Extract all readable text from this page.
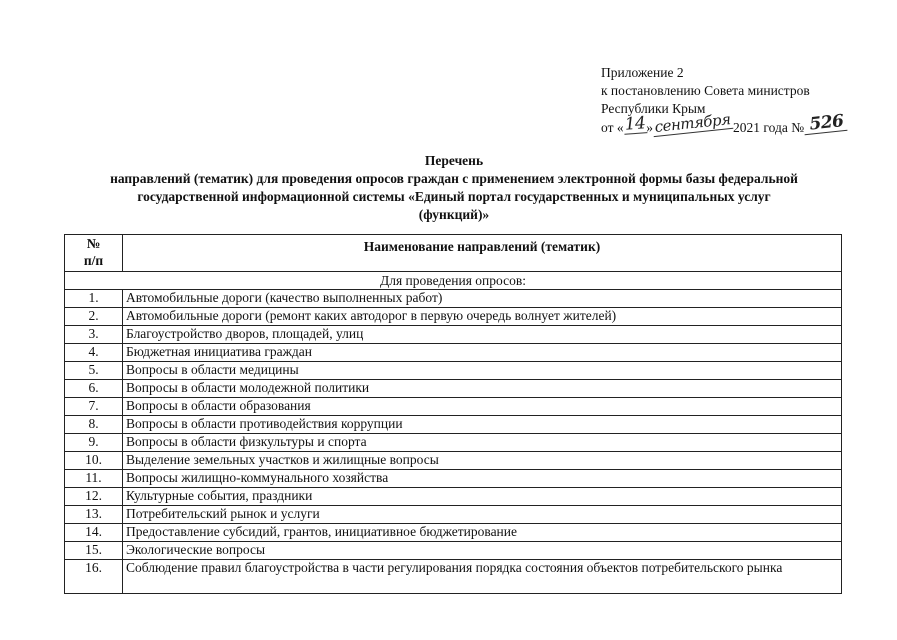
Приложение 2
к постановлению Совета министров
Республики Крым
от «14»сентября 2021 года № 526
Перечень
направлений (тематик) для проведения опросов граждан с применением электронной формы базы федеральной
государственной информационной системы «Единый портал государственных и муниципальных услуг
(функций)»
№
п/п	Наименование направлений (тематик)
Для проведения опросов:	
1.	Автомобильные дороги (качество выполненных работ)
2.	Автомобильные дороги (ремонт каких автодорог в первую очередь волнует жителей)
3.	Благоустройство дворов, площадей, улиц
4.	Бюджетная инициатива граждан
5.	Вопросы в области медицины
6.	Вопросы в области молодежной политики
7.	Вопросы в области образования
8.	Вопросы в области противодействия коррупции
9.	Вопросы в области физкультуры и спорта
10.	Выделение земельных участков и жилищные вопросы
11.	Вопросы жилищно-коммунального хозяйства
12.	Культурные события, праздники
13.	Потребительский рынок и услуги
14.	Предоставление субсидий, грантов, инициативное бюджетирование
15.	Экологические вопросы
16.	Соблюдение правил благоустройства в части регулирования порядка состояния объектов потребительского рынка
